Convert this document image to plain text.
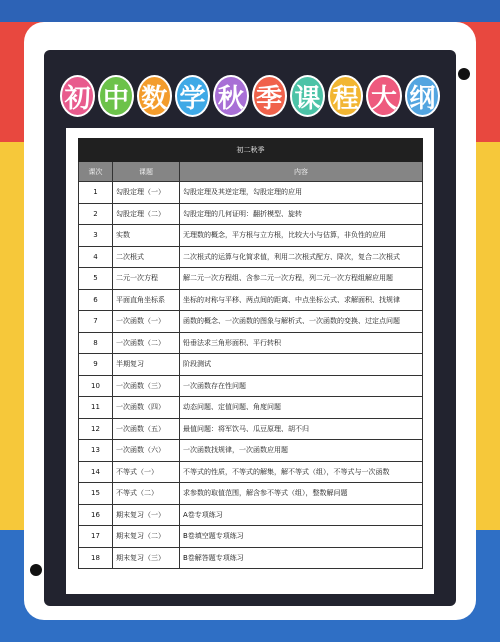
初 中 数 学 秋 季 课 程 大 纲
初二秋季		
课次	课题	内容
1	勾股定理（一）	勾股定理及其逆定理，勾股定理的应用
2	勾股定理（二）	勾股定理的几何证明：翻折模型、旋转
3	实数	无理数的概念，平方根与立方根，比较大小与估算，非负性的应用
4	二次根式	二次根式的运算与化简求值，利用二次根式配方、降次，复合二次根式
5	二元一次方程	解二元一次方程组、含参二元一次方程，列二元一次方程组解应用题
6	平面直角坐标系	坐标的对称与平移、两点间的距离、中点坐标公式、求解面积、找规律
7	一次函数（一）	函数的概念、一次函数的图象与解析式、一次函数的变换、过定点问题
8	一次函数（二）	铅垂法求三角形面积、平行转积
9	半期复习	阶段测试
10	一次函数（三）	一次函数存在性问题
11	一次函数（四）	动态问题、定值问题、角度问题
12	一次函数（五）	最值问题：将军饮马、瓜豆原理、胡不归
13	一次函数（六）	一次函数找规律，一次函数应用题
14	不等式（一）	不等式的性质，不等式的解集，解不等式（组），不等式与一次函数
15	不等式（二）	求参数的取值范围，解含参不等式（组），整数解问题
16	期末复习（一）	A卷专项练习
17	期末复习（二）	B卷填空题专项练习
18	期末复习（三）	B卷解答题专项练习
